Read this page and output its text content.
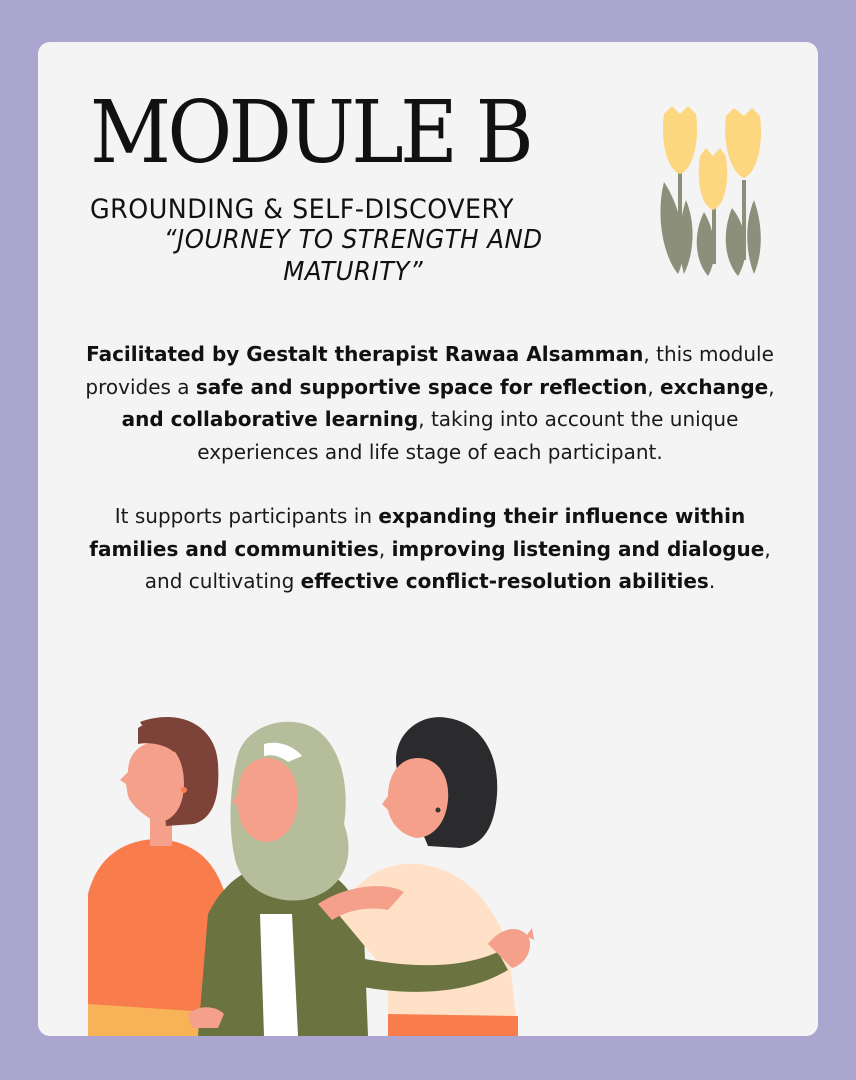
MODULE B
GROUNDING & SELF-DISCOVERY
“JOURNEY TO STRENGTH AND MATURITY”

Facilitated by Gestalt therapist Rawaa Alsamman, this module provides a safe and supportive space for reflection, exchange, and collaborative learning, taking into account the unique experiences and life stage of each participant.

It supports participants in expanding their influence within families and communities, improving listening and dialogue, and cultivating effective conflict-resolution abilities.
